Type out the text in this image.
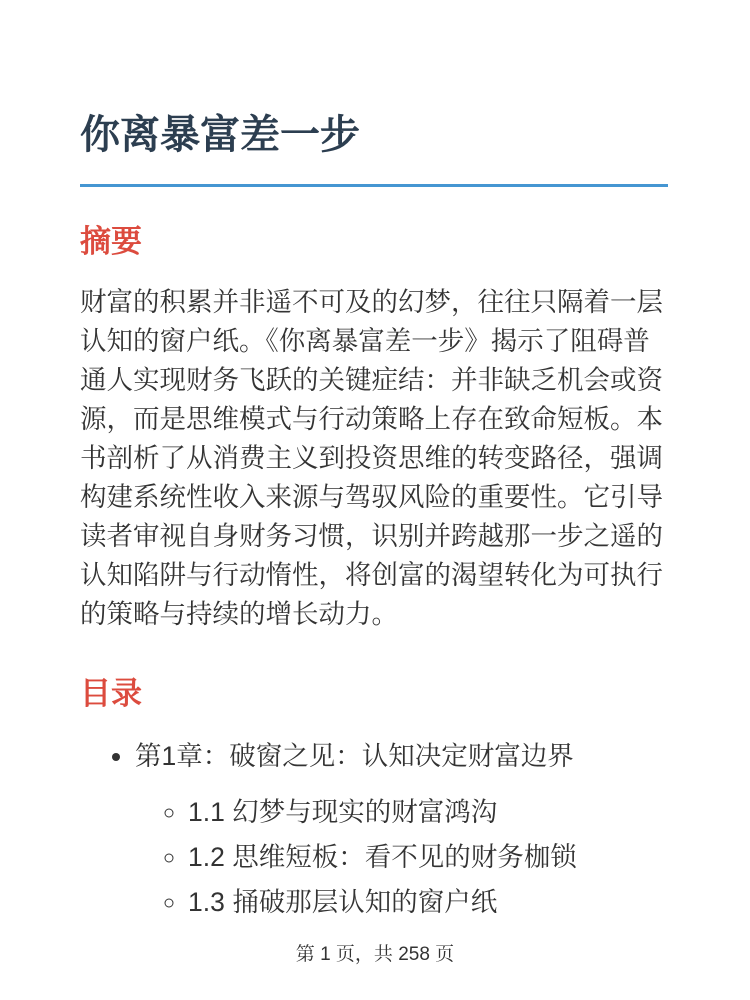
你离暴富差一步
摘要

财富的积累并非遥不可及的幻梦，往往只隔着一层认知的窗户纸。《你离暴富差一步》揭示了阻碍普通人实现财务飞跃的关键症结：并非缺乏机会或资源，而是思维模式与行动策略上存在致命短板。本书剖析了从消费主义到投资思维的转变路径，强调构建系统性收入来源与驾驭风险的重要性。它引导读者审视自身财务习惯，识别并跨越那一步之遥的认知陷阱与行动惰性，将创富的渴望转化为可执行的策略与持续的增长动力。

目录
• 第1章：破窗之见：认知决定财富边界
◦ 1.1 幻梦与现实的财富鸿沟
◦ 1.2 思维短板：看不见的财务枷锁
◦ 1.3 捅破那层认知的窗户纸
第 1 页，共 258 页
